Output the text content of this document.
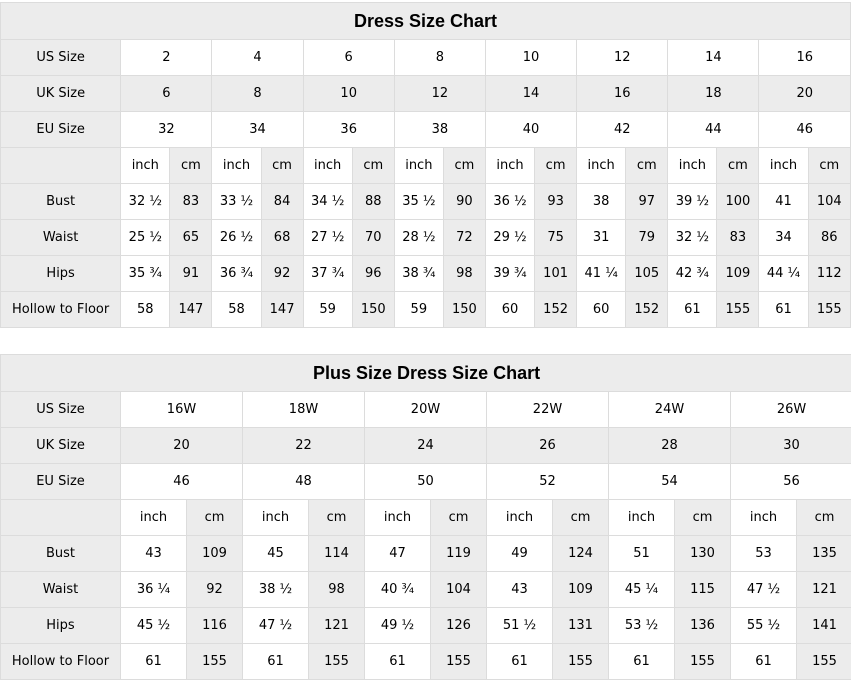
Dress Size Chart																
US Size	2		4		6		8		10		12		14		16	
UK Size	6		8		10		12		14		16		18		20	
EU Size	32		34		36		38		40		42		44		46	
	inch	cm	inch	cm	inch	cm	inch	cm	inch	cm	inch	cm	inch	cm	inch	cm
Bust	32 ½	83	33 ½	84	34 ½	88	35 ½	90	36 ½	93	38	97	39 ½	100	41	104
Waist	25 ½	65	26 ½	68	27 ½	70	28 ½	72	29 ½	75	31	79	32 ½	83	34	86
Hips	35 ¾	91	36 ¾	92	37 ¾	96	38 ¾	98	39 ¾	101	41 ¼	105	42 ¾	109	44 ¼	112
Hollow to Floor	58	147	58	147	59	150	59	150	60	152	60	152	61	155	61	155
Plus Size Dress Size Chart												
US Size	16W		18W		20W		22W		24W		26W	
UK Size	20		22		24		26		28		30	
EU Size	46		48		50		52		54		56	
	inch	cm	inch	cm	inch	cm	inch	cm	inch	cm	inch	cm
Bust	43	109	45	114	47	119	49	124	51	130	53	135
Waist	36 ¼	92	38 ½	98	40 ¾	104	43	109	45 ¼	115	47 ½	121
Hips	45 ½	116	47 ½	121	49 ½	126	51 ½	131	53 ½	136	55 ½	141
Hollow to Floor	61	155	61	155	61	155	61	155	61	155	61	155
